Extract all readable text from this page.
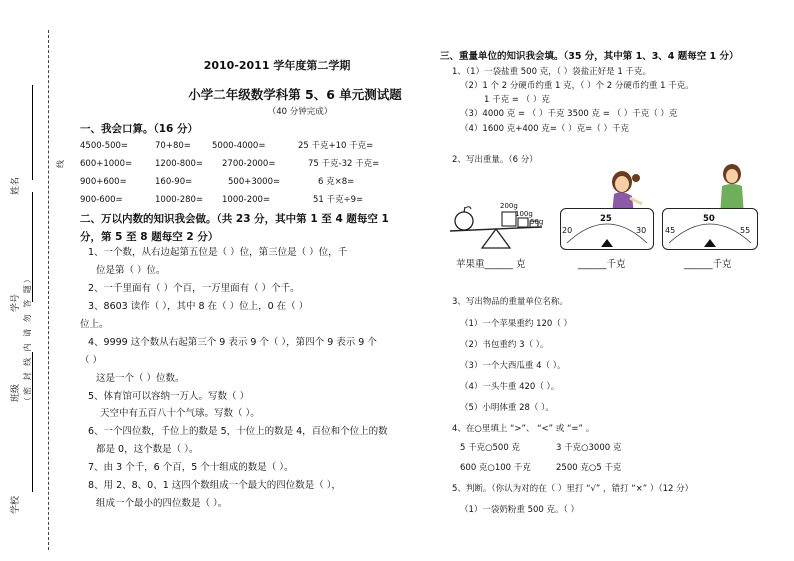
学校
班级 （密 封 线 内 请 勿 答 题）
学号
姓名
线
2010-2011 学年度第二学期
小学二年级数学科第 5、6 单元测试题
（40 分钟完成）
一、我会口算。（16 分）
4500-500=	70+80= 5000-4000=	25 千克+10 千克=
600+1000=	1200-800= 2700-2000=	75 千克-32 千克=
900+600=	160-90=	500+3000=	6 克×8=
900-600=	1000-280= 1000-200=	51 千克÷9=
二、万以内数的知识我会做。（共 23 分，其中第 1 至 4 题每空 1
分，第 5 至 8 题每空 2 分）
1、一个数，从右边起第五位是（ ）位，第三位是（ ）位，千
位是第（ ）位。
2、一千里面有（ ）个百，一万里面有（ ）个千。
3、8603 读作（ ），其中 8 在（ ）位上，0 在（ ）
位上。
4、9999 这个数从右起第三个 9 表示 9 个（ ），第四个 9 表示 9 个
（ ）
这是一个（ ）位数。
5、体育馆可以容纳一万人。写数（ ）
天空中有五百八十个气球。写数（ ）。
6、一个四位数，千位上的数是 5，十位上的数是 4，百位和个位上的数
都是 0，这个数是（ ）。
7、由 3 个千，6 个百，5 个十组成的数是（ ）。
8、用 2、8、0、1 这四个数组成一个最大的四位数是（ ），
组成一个最小的四位数是（ ）。
三、重量单位的知识我会填。（35 分，其中第 1、3、4 题每空 1 分）
1、（1）一袋盐重 500 克，（ ）袋盐正好是 1 千克。
（2）1 个 2 分硬币约重 1 克，（ ）个 2 分硬币约重 1 千克。
1 千克 = （ ）克
（3）4000 克 = （ ）千克 3500 克 = （ ）千克（ ）克
（4）1600 克+400 克=（ ）克=（ ）千克
2、写出重量。（6 分）
200g
100g
50g
苹果重______ 克
20
25
30
______千克
45
50
55
______千克
3、写出物品的重量单位名称。
（1）一个苹果重约 120（ ）
（2）书包重约 3（ ）。
（3）一个大西瓜重 4（ ）。
（4）一头牛重 420（ ）。
（5）小明体重 28（ ）。
4、在○里填上 “>”、 “<” 或 “=” 。
5 千克○500 克	3 千克○3000 克
600 克○100 千克	2500 克○5 千克
5、判断。（你认为对的在（ ）里打 “√” ，错打 “×” ）（12 分）
（1）一袋奶粉重 500 克。（ ）
